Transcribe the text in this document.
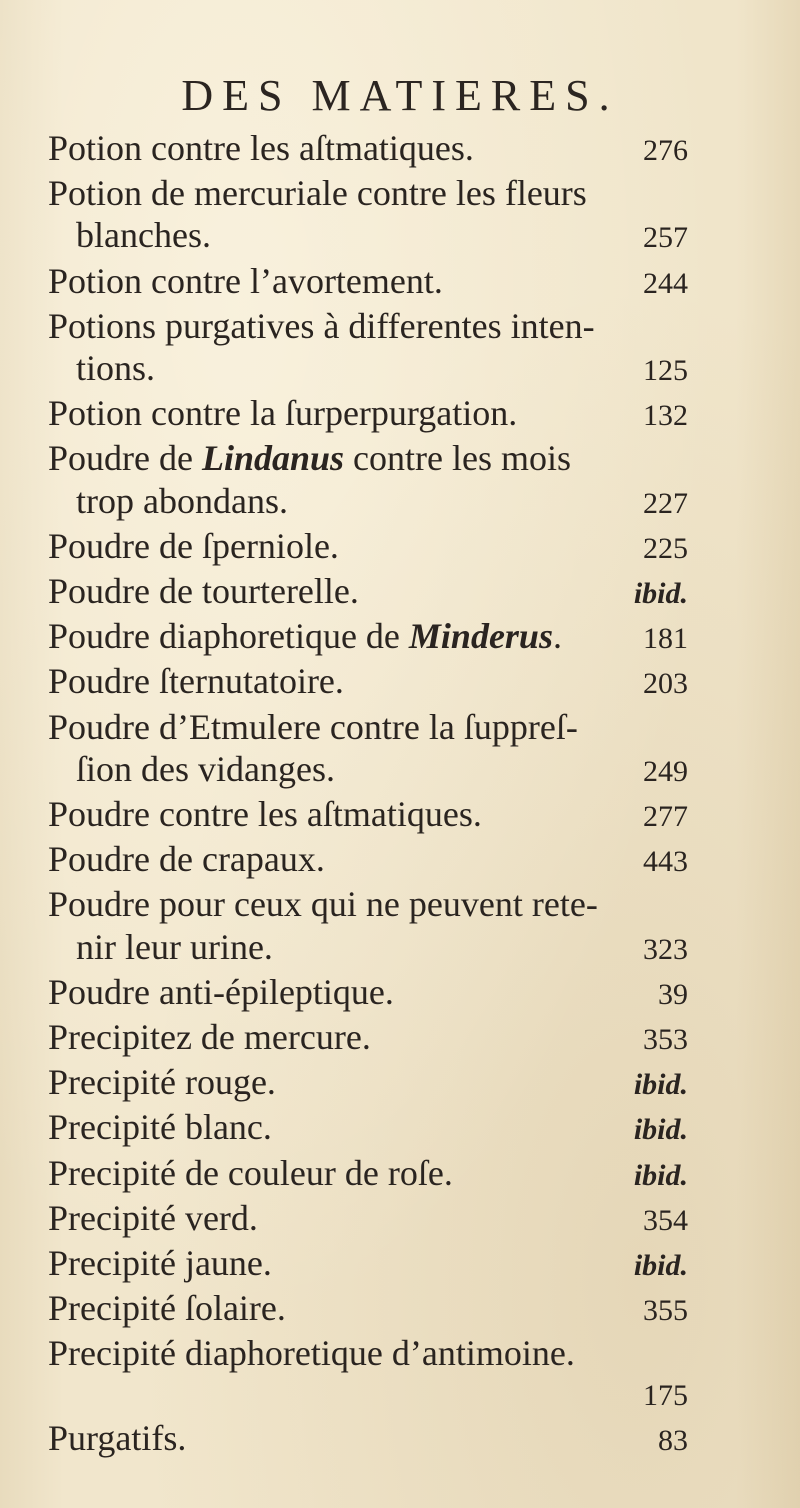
DES MATIERES.
Potion contre les aſtmatiques.	276
Potion de mercuriale contre les fleurs
blanches.	257
Potion contre l’avortement.	244
Potions purgatives à differentes inten-
tions.	125
Potion contre la ſurperpurgation.	132
Poudre de Lindanus contre les mois
trop abondans.	227
Poudre de ſperniole.	225
Poudre de tourterelle.	ibid.
Poudre diaphoretique de Minderus.	181
Poudre ſternutatoire.	203
Poudre d’Etmulere contre la ſuppreſ-
ſion des vidanges.	249
Poudre contre les aſtmatiques.	277
Poudre de crapaux.	443
Poudre pour ceux qui ne peuvent rete-
nir leur urine.	323
Poudre anti-épileptique.	39
Precipitez de mercure.	353
Precipité rouge.	ibid.
Precipité blanc.	ibid.
Precipité de couleur de roſe.	ibid.
Precipité verd.	354
Precipité jaune.	ibid.
Precipité ſolaire.	355
Precipité diaphoretique d’antimoine.
175
Purgatifs.	83
